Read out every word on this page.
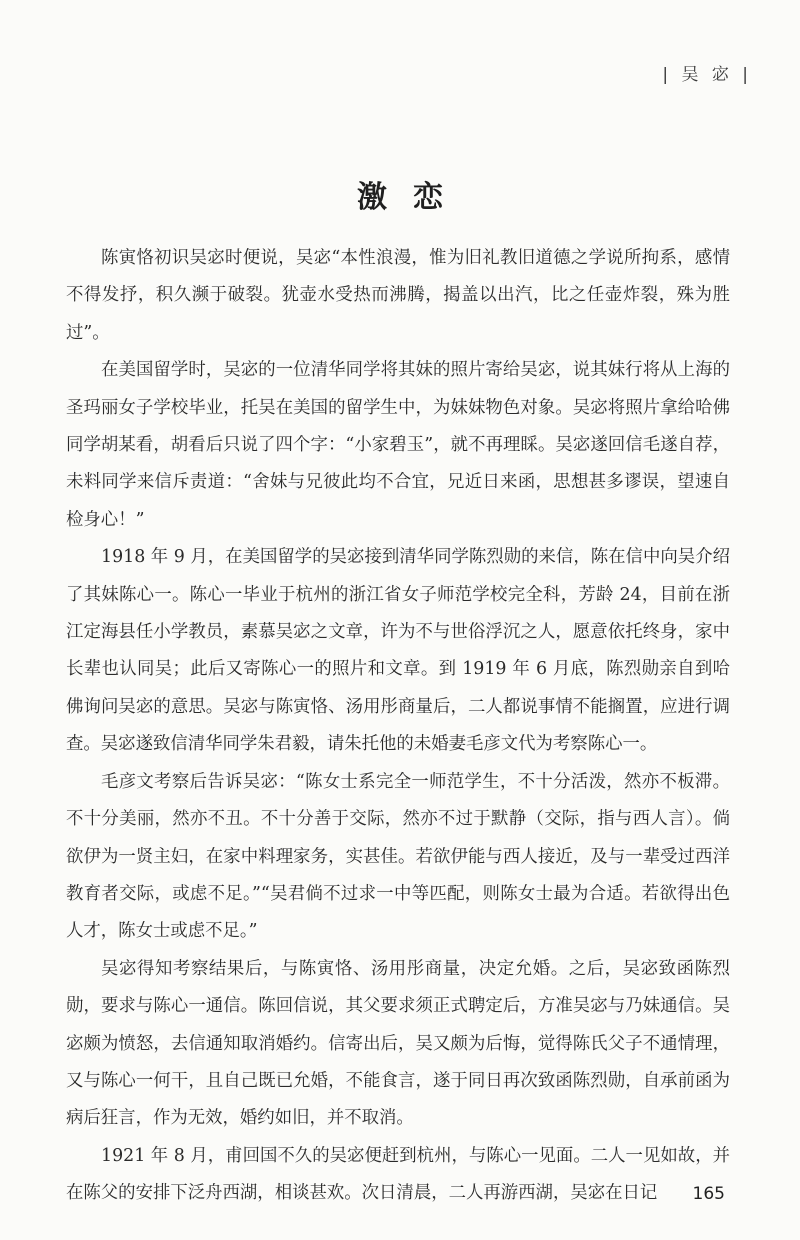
| 吴 宓 |
激恋

陈寅恪初识吴宓时便说，吴宓“本性浪漫，惟为旧礼教旧道德之学说所拘系，感情不得发抒，积久濒于破裂。犹壶水受热而沸腾，揭盖以出汽，比之任壶炸裂，殊为胜过”。

在美国留学时，吴宓的一位清华同学将其妹的照片寄给吴宓，说其妹行将从上海的圣玛丽女子学校毕业，托吴在美国的留学生中，为妹妹物色对象。吴宓将照片拿给哈佛同学胡某看，胡看后只说了四个字：“小家碧玉”，就不再理睬。吴宓遂回信毛遂自荐，未料同学来信斥责道：“舍妹与兄彼此均不合宜，兄近日来函，思想甚多谬误，望速自检身心！”

1918 年 9 月，在美国留学的吴宓接到清华同学陈烈勋的来信，陈在信中向吴介绍了其妹陈心一。陈心一毕业于杭州的浙江省女子师范学校完全科，芳龄 24，目前在浙江定海县任小学教员，素慕吴宓之文章，许为不与世俗浮沉之人，愿意依托终身，家中长辈也认同吴；此后又寄陈心一的照片和文章。到 1919 年 6 月底，陈烈勋亲自到哈佛询问吴宓的意思。吴宓与陈寅恪、汤用彤商量后，二人都说事情不能搁置，应进行调查。吴宓遂致信清华同学朱君毅，请朱托他的未婚妻毛彦文代为考察陈心一。

毛彦文考察后告诉吴宓：“陈女士系完全一师范学生，不十分活泼，然亦不板滞。不十分美丽，然亦不丑。不十分善于交际，然亦不过于默静（交际，指与西人言）。倘欲伊为一贤主妇，在家中料理家务，实甚佳。若欲伊能与西人接近，及与一辈受过西洋教育者交际，或虑不足。”“吴君倘不过求一中等匹配，则陈女士最为合适。若欲得出色人才，陈女士或虑不足。”

吴宓得知考察结果后，与陈寅恪、汤用彤商量，决定允婚。之后，吴宓致函陈烈勋，要求与陈心一通信。陈回信说，其父要求须正式聘定后，方准吴宓与乃妹通信。吴宓颇为愤怒，去信通知取消婚约。信寄出后，吴又颇为后悔，觉得陈氏父子不通情理，又与陈心一何干，且自己既已允婚，不能食言，遂于同日再次致函陈烈勋，自承前函为病后狂言，作为无效，婚约如旧，并不取消。

1921 年 8 月，甫回国不久的吴宓便赶到杭州，与陈心一见面。二人一见如故，并在陈父的安排下泛舟西湖，相谈甚欢。次日清晨，二人再游西湖，吴宓在日记	165
